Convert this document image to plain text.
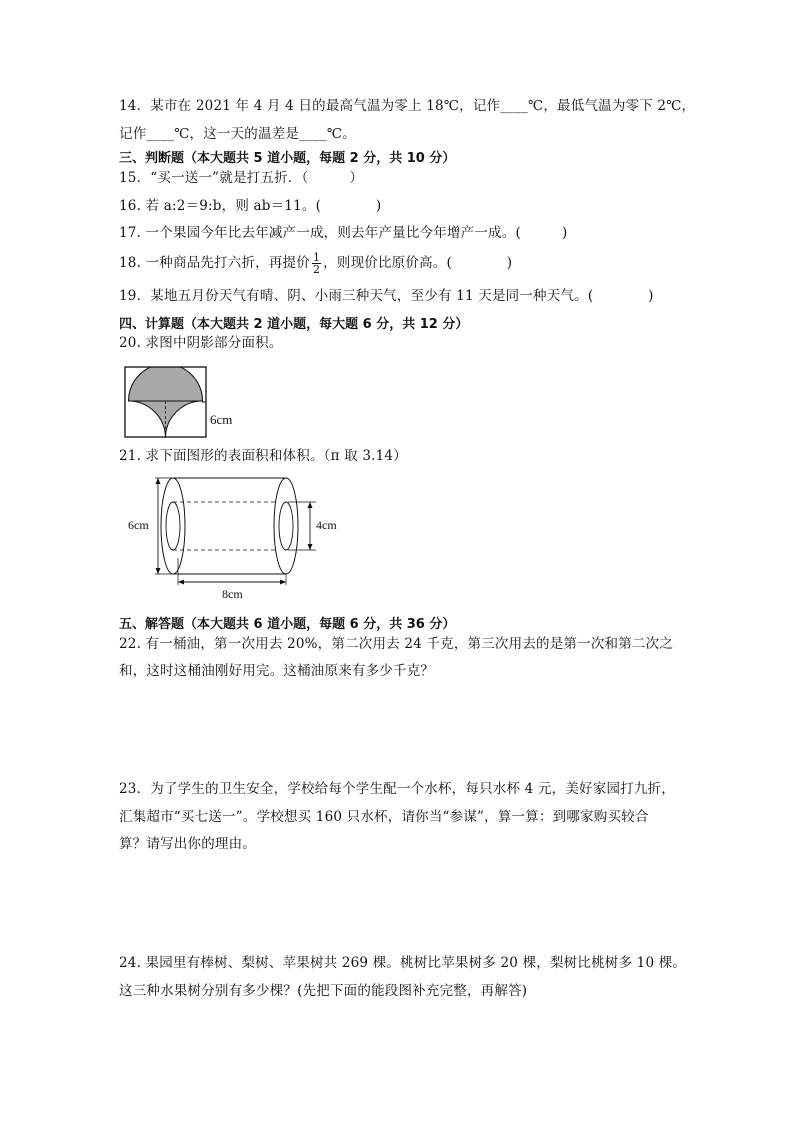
14．某市在 2021 年 4 月 4 日的最高气温为零上 18℃，记作____℃，最低气温为零下 2℃，
记作____℃，这一天的温差是____℃。
三、判断题（本大题共 5 道小题，每题 2 分，共 10 分）
15．“买一送一”就是打五折．（　　　）
16. 若 a:2＝9:b，则 ab＝11。(　　　　)
17. 一个果园今年比去年减产一成，则去年产量比今年增产一成。(　　　)
18. 一种商品先打六折，再提价 $\frac{1}{2}$ ，则现价比原价高。(　　　　)
19．某地五月份天气有晴、阴、小雨三种天气，至少有 11 天是同一种天气。(　　　　)
四、计算题（本大题共 2 道小题，每大题 6 分，共 12 分）
20. 求图中阴影部分面积。
6cm
21. 求下面图形的表面积和体积。（π 取 3.14）
6cm	4cm
8cm
五、解答题（本大题共 6 道小题，每题 6 分，共 36 分）
22. 有一桶油，第一次用去 20%，第二次用去 24 千克，第三次用去的是第一次和第二次之
和，这时这桶油刚好用完。这桶油原来有多少千克？
23．为了学生的卫生安全，学校给每个学生配一个水杯，每只水杯 4 元，美好家园打九折，
汇集超市“买七送一”。学校想买 160 只水杯，请你当“参谋”，算一算：到哪家购买较合
算？请写出你的理由。
24. 果园里有棒树、梨树、苹果树共 269 棵。桃树比苹果树多 20 棵，梨树比桃树多 10 棵。
这三种水果树分别有多少棵？(先把下面的能段图补充完整，再解答)
